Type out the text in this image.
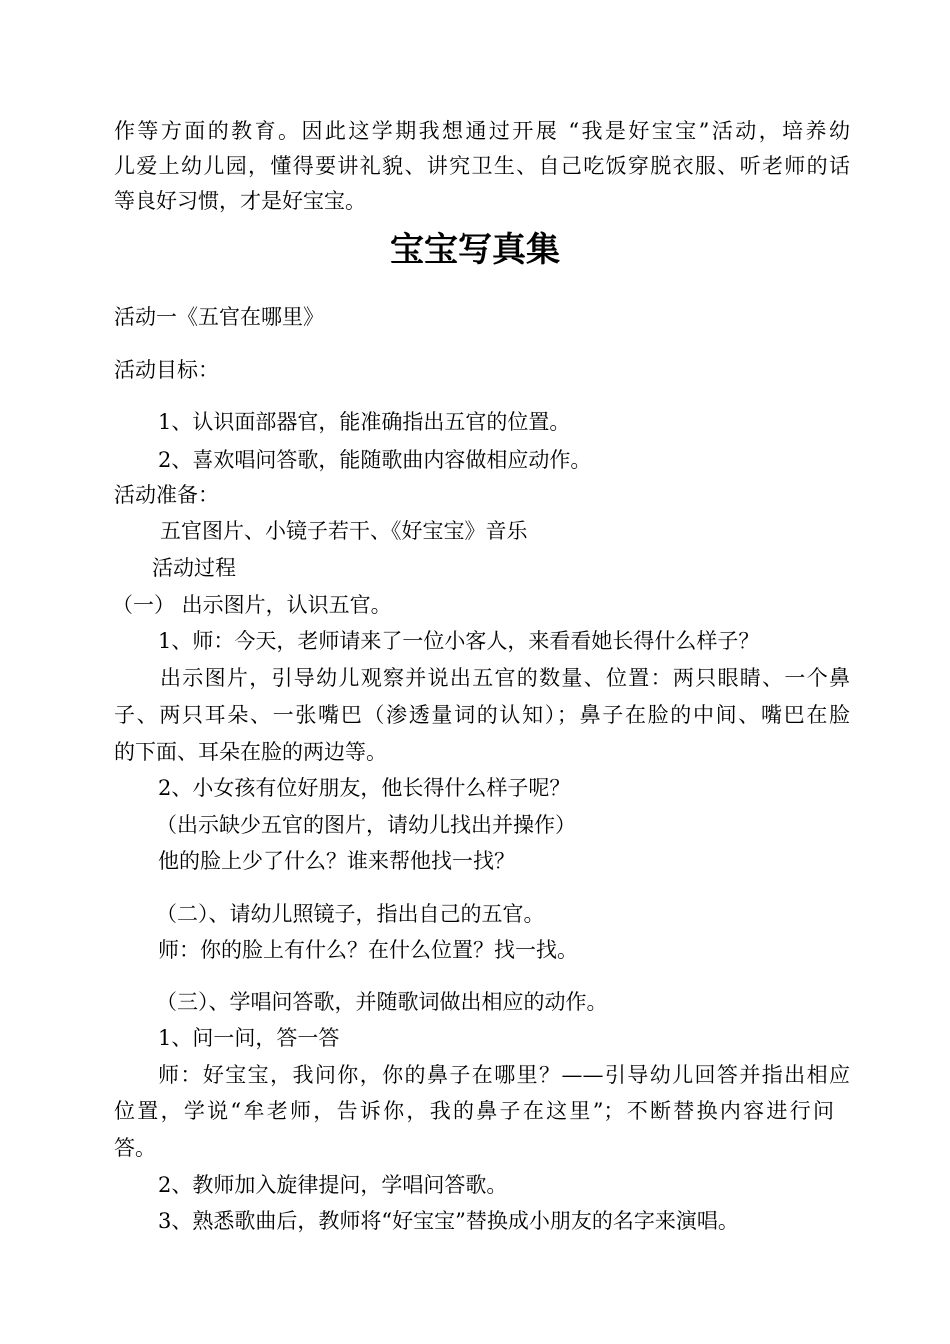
作等方面的教育。因此这学期我想通过开展 “我是好宝宝”活动，培养幼

儿爱上幼儿园，懂得要讲礼貌、讲究卫生、自己吃饭穿脱衣服、听老师的话

等良好习惯，才是好宝宝。

宝宝写真集

活动一《五官在哪里》

活动目标：

1、认识面部器官，能准确指出五官的位置。

2、喜欢唱问答歌，能随歌曲内容做相应动作。

活动准备：

五官图片、小镜子若干、《好宝宝》音乐

活动过程

（一） 出示图片，认识五官。

1、师：今天，老师请来了一位小客人，来看看她长得什么样子？

出示图片，引导幼儿观察并说出五官的数量、位置：两只眼睛、一个鼻

子、两只耳朵、一张嘴巴（渗透量词的认知）；鼻子在脸的中间、嘴巴在脸

的下面、耳朵在脸的两边等。

2、小女孩有位好朋友，他长得什么样子呢？

（出示缺少五官的图片，请幼儿找出并操作）

他的脸上少了什么？谁来帮他找一找？

（二）、请幼儿照镜子，指出自己的五官。

师：你的脸上有什么？在什么位置？找一找。

（三）、学唱问答歌，并随歌词做出相应的动作。

1、问一问，答一答

师：好宝宝，我问你，你的鼻子在哪里？——引导幼儿回答并指出相应

位置，学说“牟老师，告诉你，我的鼻子在这里”；不断替换内容进行问

答。

2、教师加入旋律提问，学唱问答歌。

3、熟悉歌曲后，教师将“好宝宝”替换成小朋友的名字来演唱。
